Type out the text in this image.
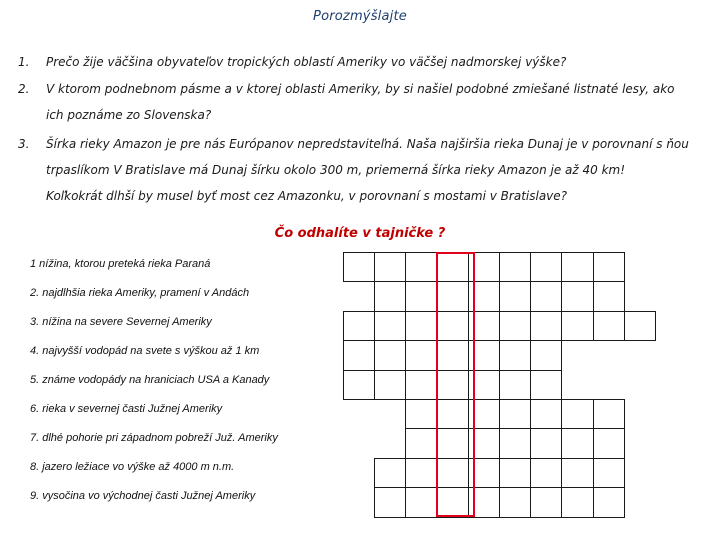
Porozmýšlajte
1. Prečo žije väčšina obyvateľov tropických oblastí Ameriky vo väčšej nadmorskej výške?
2. V ktorom podnebnom pásme a v ktorej oblasti Ameriky, by si našiel podobné zmiešané listnaté lesy, ako
ich poznáme zo Slovenska?
3. Šírka rieky Amazon je pre nás Európanov nepredstaviteľná. Naša najširšia rieka Dunaj je v porovnaní s ňou
trpaslíkom V Bratislave má Dunaj šírku okolo 300 m, priemerná šírka rieky Amazon je až 40 km!
Koľkokrát dlhší by musel byť most cez Amazonku, v porovnaní s mostami v Bratislave?
Čo odhalíte v tajničke ?
1 nížina, ktorou preteká rieka Paraná
2. najdlhšia rieka Ameriky, pramení v Andách
3. nížina na severe Severnej Ameriky
4. najvyšší vodopád na svete s výškou až 1 km
5. známe vodopády na hraniciach USA a Kanady
6. rieka v severnej časti Južnej Ameriky
7. dlhé pohorie pri západnom pobreží Juž. Ameriky
8. jazero ležiace vo výške až 4000 m n.m.
9. vysočina vo východnej časti Južnej Ameriky
